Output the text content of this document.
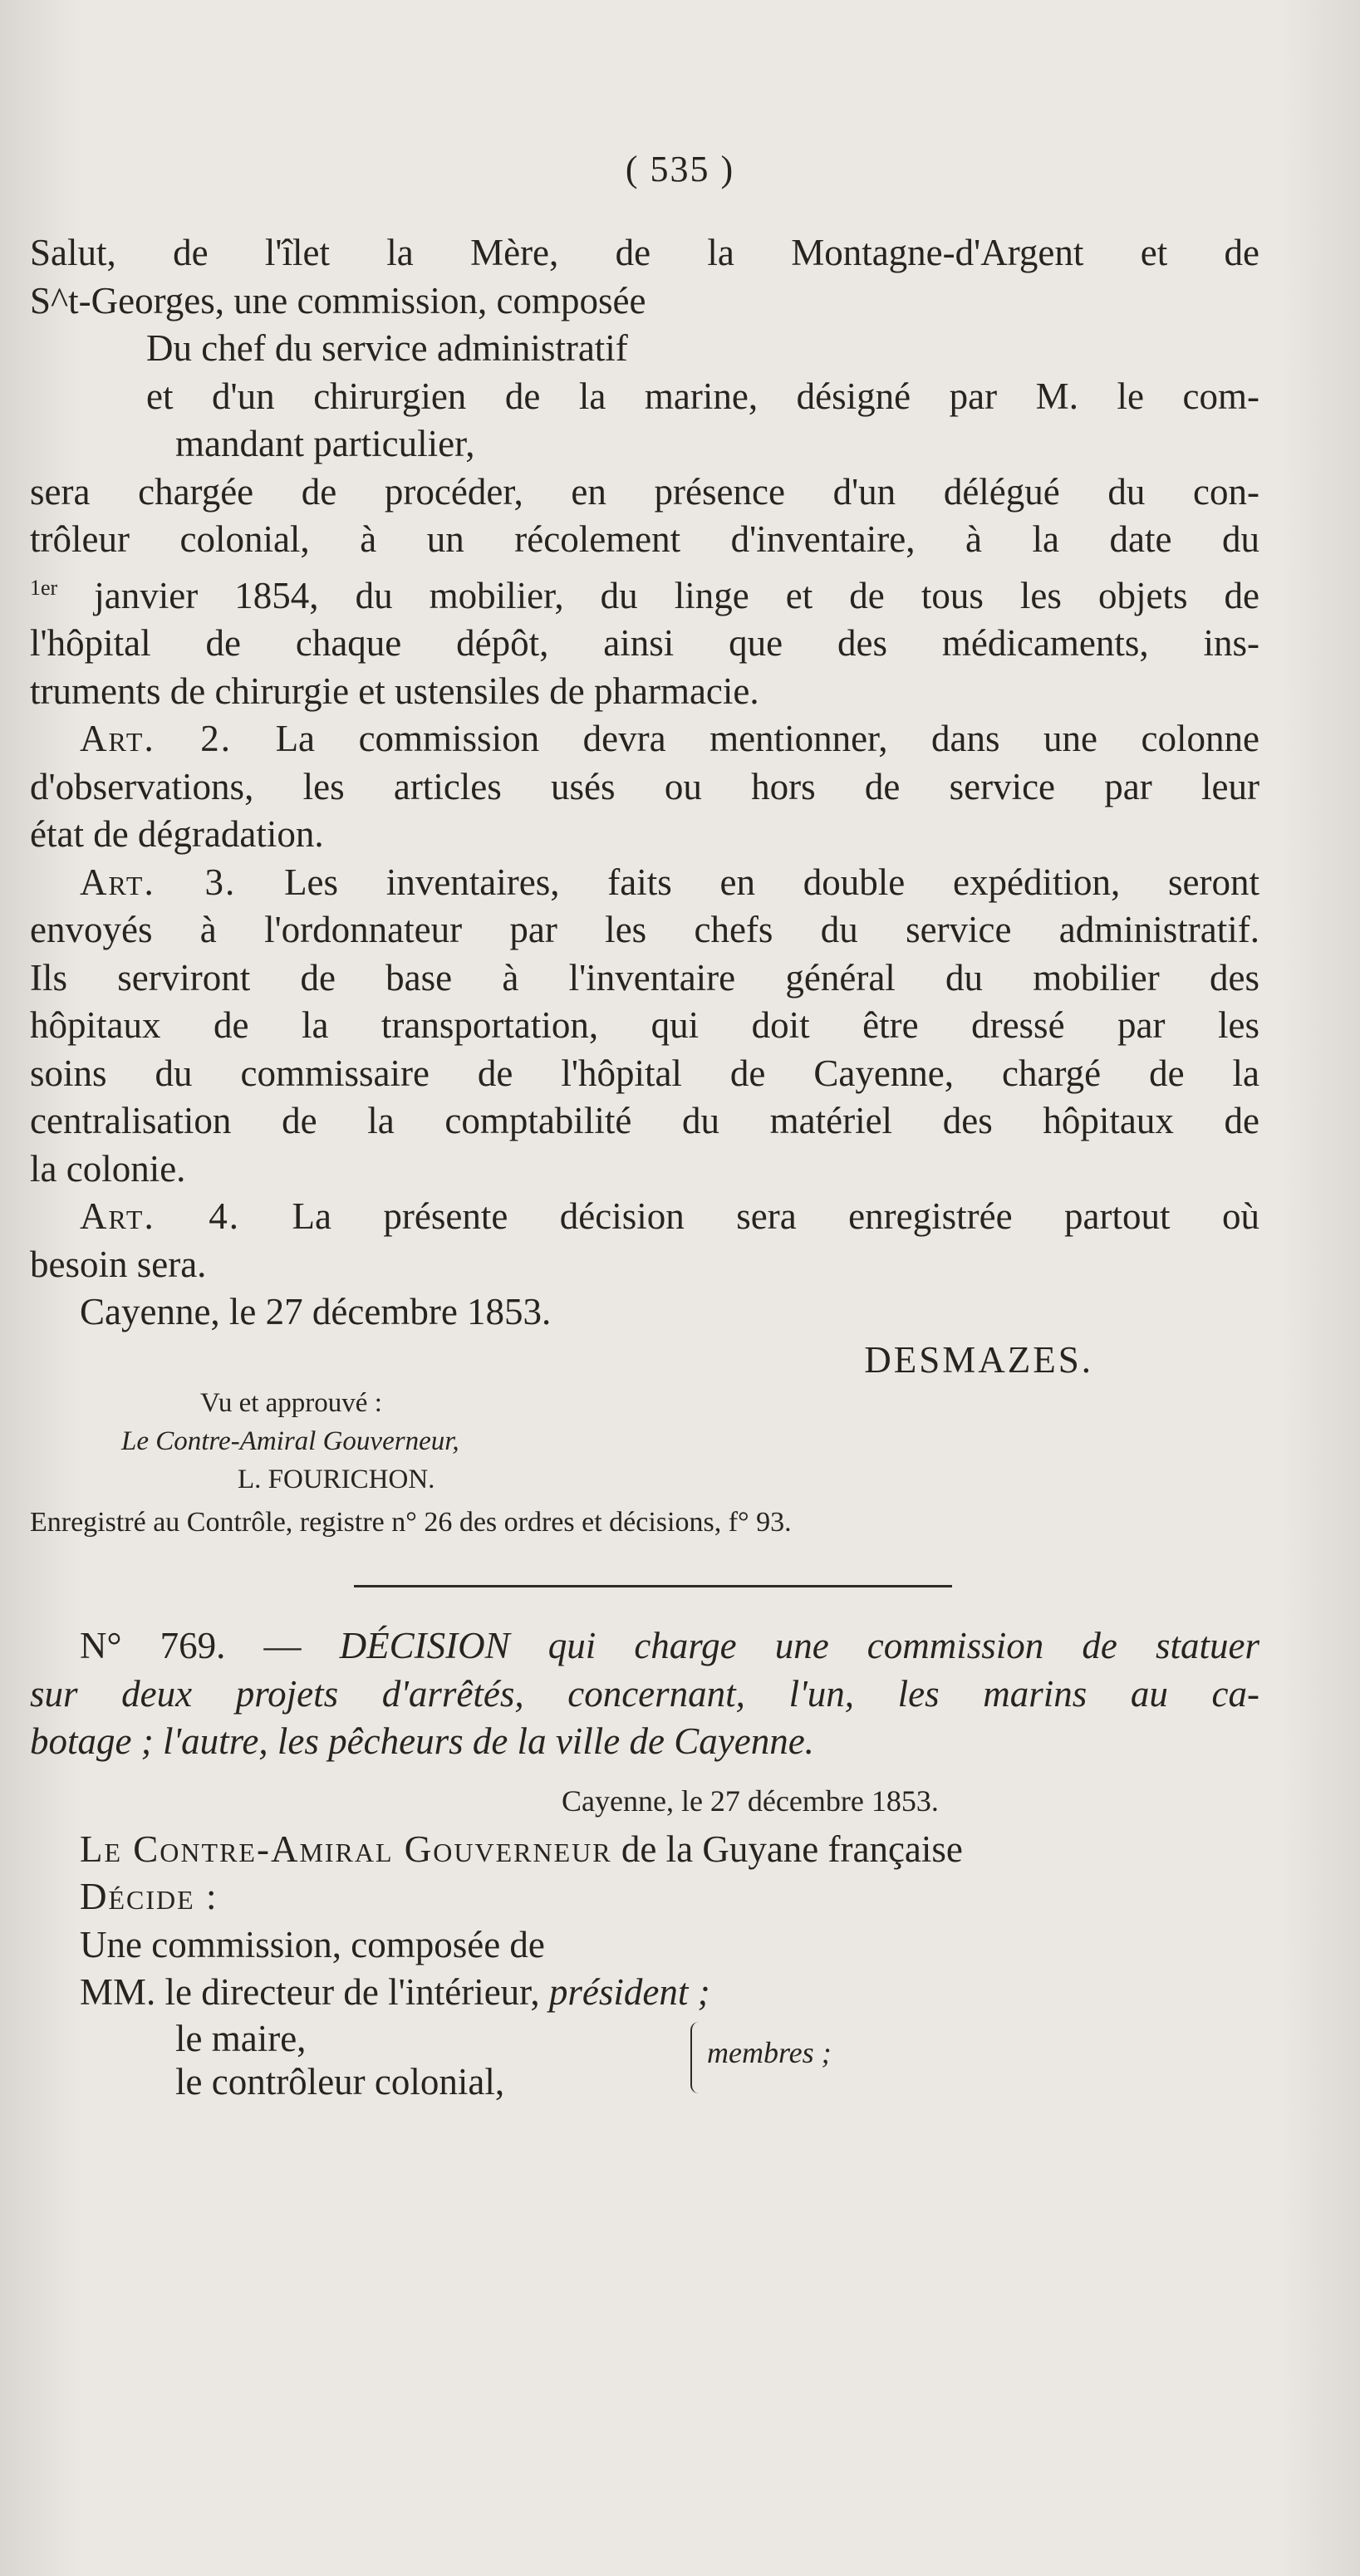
( 535 )
Salut, de l'îlet la Mère, de la Montagne-d'Argent et de
S^t-Georges, une commission, composée
Du chef du service administratif
et d'un chirurgien de la marine, désigné par M. le com-
mandant particulier,
sera chargée de procéder, en présence d'un délégué du con-
trôleur colonial, à un récolement d'inventaire, à la date du
$^{1er}$ janvier 1854, du mobilier, du linge et de tous les objets de
l'hôpital de chaque dépôt, ainsi que des médicaments, ins-
truments de chirurgie et ustensiles de pharmacie.
Art. 2. La commission devra mentionner, dans une colonne
d'observations, les articles usés ou hors de service par leur
état de dégradation.
Art. 3. Les inventaires, faits en double expédition, seront
envoyés à l'ordonnateur par les chefs du service administratif.
Ils serviront de base à l'inventaire général du mobilier des
hôpitaux de la transportation, qui doit être dressé par les
soins du commissaire de l'hôpital de Cayenne, chargé de la
centralisation de la comptabilité du matériel des hôpitaux de
la colonie.
Art. 4. La présente décision sera enregistrée partout où
besoin sera.
Cayenne, le 27 décembre 1853.
DESMAZES.
Vu et approuvé :
Le Contre-Amiral Gouverneur,
L. FOURICHON.
Enregistré au Contrôle, registre n° 26 des ordres et décisions, f° 93.
N° 769. — DÉCISION qui charge une commission de statuer
sur deux projets d'arrêtés, concernant, l'un, les marins au ca-
botage ; l'autre, les pêcheurs de la ville de Cayenne.
Cayenne, le 27 décembre 1853.
Le Contre-Amiral Gouverneur de la Guyane française
Décide :
Une commission, composée de
MM. le directeur de l'intérieur, président ;
le maire,
le contrôleur colonial,
membres ;
